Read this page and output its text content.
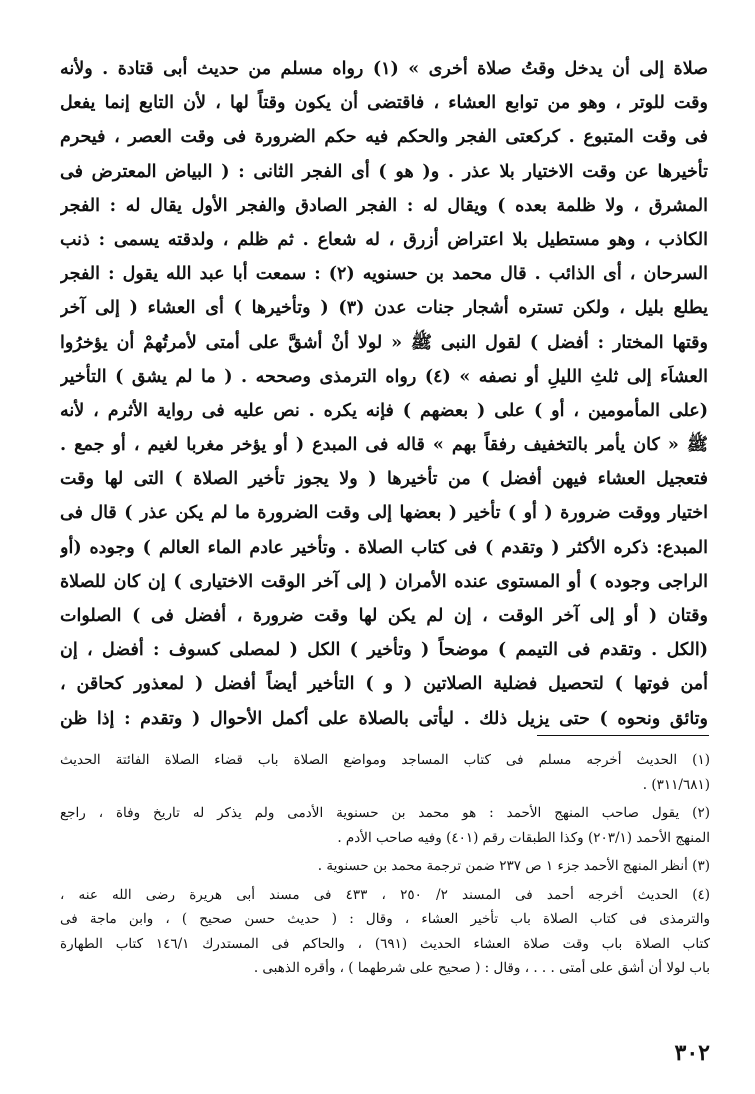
صلاة إلى أن يدخل وقتُ صلاة أخرى » (١) رواه مسلم من حديث أبى قتادة . ولأنه
وقت للوتر ، وهو من توابع العشاء ، فاقتضى أن يكون وقتاً لها ، لأن التابع إنما يفعل
فى وقت المتبوع . كركعتى الفجر والحكم فيه حكم الضرورة فى وقت العصر ، فيحرم
تأخيرها عن وقت الاختيار بلا عذر . و( هو ) أى الفجر الثانى : ( البياض المعترض فى
المشرق ، ولا ظلمة بعده ) ويقال له : الفجر الصادق والفجر الأول يقال له : الفجر
الكاذب ، وهو مستطيل بلا اعتراض أزرق ، له شعاع . ثم ظلم ، ولدقته يسمى : ذنب
السرحان ، أى الذائب . قال محمد بن حسنويه (٢) : سمعت أبا عبد الله يقول : الفجر
يطلع بليل ، ولكن تستره أشجار جنات عدن (٣) ( وتأخيرها ) أى العشاء ( إلى آخر
وقتها المختار : أفضل ) لقول النبى ﷺ « لولا أنْ أشقَّ على أمتى لأمرتُهمْ أن يؤخرُوا
العشاَء إلى ثلثِ الليلِ أو نصفه » (٤) رواه الترمذى وصححه . ( ما لم يشق ) التأخير
(على المأمومين ، أو ) على ( بعضهم ) فإنه يكره . نص عليه فى رواية الأثرم ، لأنه
ﷺ « كان يأمر بالتخفيف رفقاً بهم » قاله فى المبدع ( أو يؤخر مغربا لغيم ، أو جمع .
فتعجيل العشاء فيهن أفضل ) من تأخيرها ( ولا يجوز تأخير الصلاة ) التى لها وقت
اختيار ووقت ضرورة ( أو ) تأخير ( بعضها إلى وقت الضرورة ما لم يكن عذر ) قال فى
المبدع: ذكره الأكثر ( وتقدم ) فى كتاب الصلاة . وتأخير عادم الماء العالم ) وجوده (أو
الراجى وجوده ) أو المستوى عنده الأمران ( إلى آخر الوقت الاختيارى ) إن كان للصلاة
وقتان ( أو إلى آخر الوقت ، إن لم يكن لها وقت ضرورة ، أفضل فى ) الصلوات
(الكل . وتقدم فى التيمم ) موضحاً ( وتأخير ) الكل ( لمصلى كسوف : أفضل ، إن
أمن فوتها ) لتحصيل فضلية الصلاتين ( و ) التأخير أيضاً أفضل ( لمعذور كحاقن ،
وتائق ونحوه ) حتى يزيل ذلك . ليأتى بالصلاة على أكمل الأحوال ( وتقدم : إذا ظن
(١) الحديث أخرجه مسلم فى كتاب المساجد ومواضع الصلاة باب قضاء الصلاة الفائتة الحديث
(٣١١/٦٨١) .
(٢) يقول صاحب المنهج الأحمد : هو محمد بن حسنوية الأدمى ولم يذكر له تاريخ وفاة ، راجع
المنهج الأحمد (٢٠٣/١) وكذا الطبقات رقم (٤٠١) وفيه صاحب الأدم .
(٣) أنظر المنهج الأحمد جزء ١ ص ٢٣٧ ضمن ترجمة محمد بن حسنوية .
(٤) الحديث أخرجه أحمد فى المسند ٢/ ٢٥٠ ، ٤٣٣ فى مسند أبى هريرة رضى الله عنه ،
والترمذى فى كتاب الصلاة باب تأخير العشاء ، وقال : ( حديث حسن صحيح ) ، وابن ماجة فى
كتاب الصلاة باب وقت صلاة العشاء الحديث (٦٩١) ، والحاكم فى المستدرك ١٤٦/١ كتاب الطهارة
باب لولا أن أشق على أمتى . . . ، وقال : ( صحيح على شرطهما ) ، وأقره الذهبى .
٣٠٢
